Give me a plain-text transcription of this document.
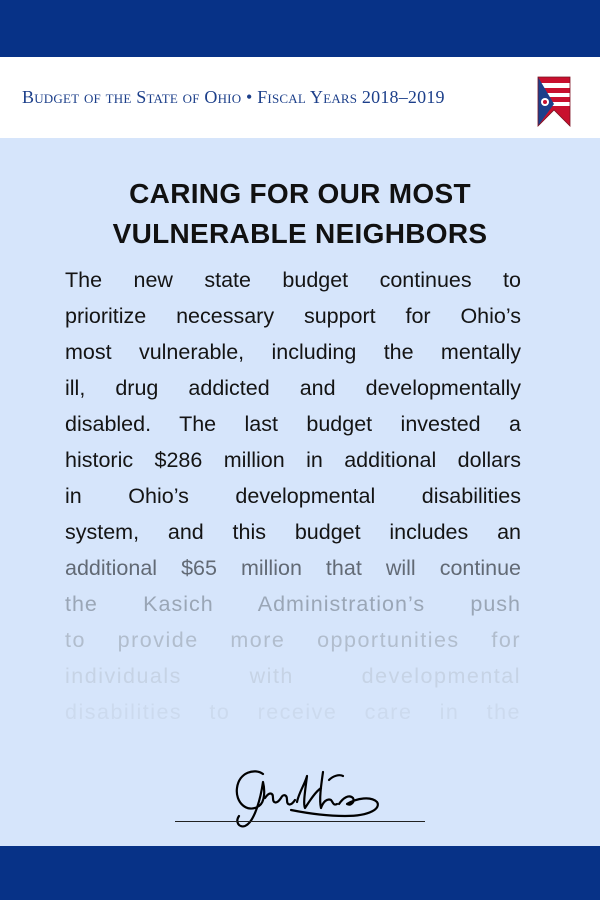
Budget of the State of Ohio • Fiscal Years 2018–2019
CARING FOR OUR MOST
VULNERABLE NEIGHBORS
The new state budget continues to
prioritize necessary support for Ohio’s
most vulnerable, including the mentally
ill, drug addicted and developmentally
disabled. The last budget invested a
historic $286 million in additional dollars
in Ohio’s developmental disabilities
system, and this budget includes an
additional $65 million that will continue
the Kasich Administration’s push
to provide more opportunities for
individuals with developmental
disabilities to receive care in the
